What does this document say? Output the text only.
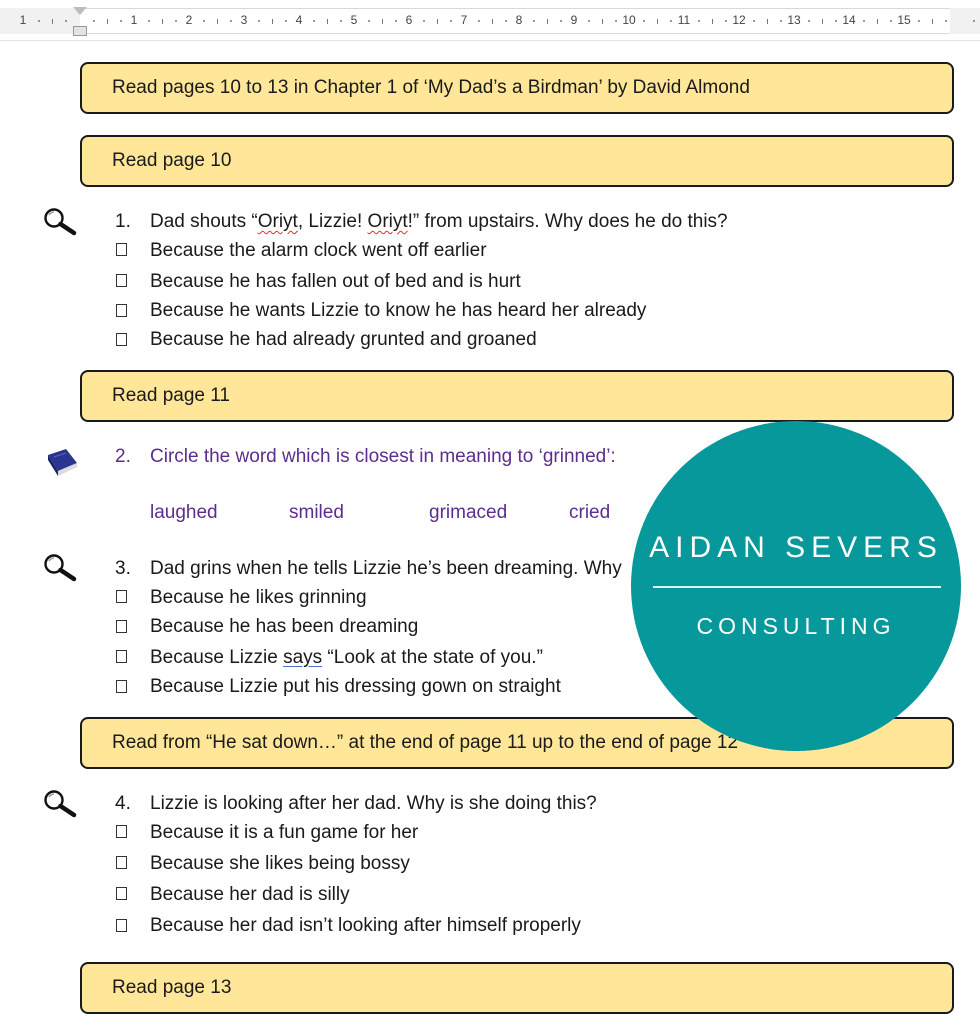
1	1	2	3	4	5	6	7	8	9	10	11	12	13	14	15
Read pages 10 to 13 in Chapter 1 of ‘My Dad’s a Birdman’ by David Almond
Read page 10
1. Dad shouts “Oriyt, Lizzie! Oriyt!” from upstairs. Why does he do this?
Because the alarm clock went off earlier
Because he has fallen out of bed and is hurt
Because he wants Lizzie to know he has heard her already
Because he had already grunted and groaned
Read page 11
2. Circle the word which is closest in meaning to ‘grinned’:
laughed	smiled	grimaced	cried
3. Dad grins when he tells Lizzie he’s been dreaming. Why
Because he likes grinning
Because he has been dreaming
Because Lizzie says “Look at the state of you.”
Because Lizzie put his dressing gown on straight
Read from “He sat down…” at the end of page 11 up to the end of page 12
4. Lizzie is looking after her dad. Why is she doing this?
Because it is a fun game for her
Because she likes being bossy
Because her dad is silly
Because her dad isn’t looking after himself properly
Read page 13
AIDAN SEVERS
CONSULTING
